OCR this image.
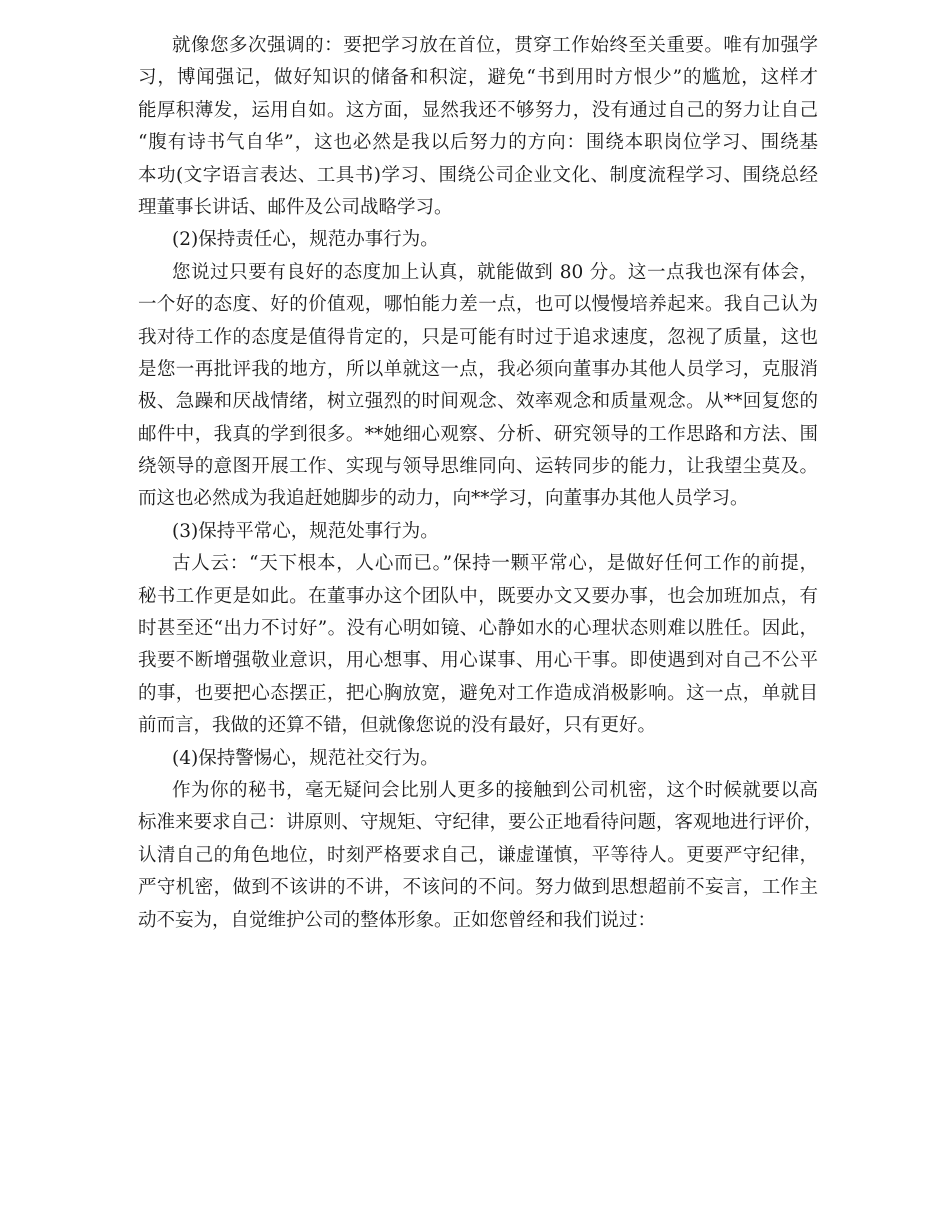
就像您多次强调的：要把学习放在首位，贯穿工作始终至关重要。唯有加强学
习，博闻强记，做好知识的储备和积淀，避免“书到用时方恨少”的尴尬，这样才
能厚积薄发，运用自如。这方面，显然我还不够努力，没有通过自己的努力让自己
“腹有诗书气自华”，这也必然是我以后努力的方向：围绕本职岗位学习、围绕基
本功(文字语言表达、工具书)学习、围绕公司企业文化、制度流程学习、围绕总经
理董事长讲话、邮件及公司战略学习。
(2)保持责任心，规范办事行为。
您说过只要有良好的态度加上认真，就能做到 80 分。这一点我也深有体会，
一个好的态度、好的价值观，哪怕能力差一点，也可以慢慢培养起来。我自己认为
我对待工作的态度是值得肯定的，只是可能有时过于追求速度，忽视了质量，这也
是您一再批评我的地方，所以单就这一点，我必须向董事办其他人员学习，克服消
极、急躁和厌战情绪，树立强烈的时间观念、效率观念和质量观念。从**回复您的
邮件中，我真的学到很多。**她细心观察、分析、研究领导的工作思路和方法、围
绕领导的意图开展工作、实现与领导思维同向、运转同步的能力，让我望尘莫及。
而这也必然成为我追赶她脚步的动力，向**学习，向董事办其他人员学习。
(3)保持平常心，规范处事行为。
古人云：“天下根本，人心而已。”保持一颗平常心，是做好任何工作的前提，
秘书工作更是如此。在董事办这个团队中，既要办文又要办事，也会加班加点，有
时甚至还“出力不讨好”。没有心明如镜、心静如水的心理状态则难以胜任。因此，
我要不断增强敬业意识，用心想事、用心谋事、用心干事。即使遇到对自己不公平
的事，也要把心态摆正，把心胸放宽，避免对工作造成消极影响。这一点，单就目
前而言，我做的还算不错，但就像您说的没有最好，只有更好。
(4)保持警惕心，规范社交行为。
作为你的秘书，毫无疑问会比别人更多的接触到公司机密，这个时候就要以高
标准来要求自己：讲原则、守规矩、守纪律，要公正地看待问题，客观地进行评价，
认清自己的角色地位，时刻严格要求自己，谦虚谨慎，平等待人。更要严守纪律，
严守机密，做到不该讲的不讲，不该问的不问。努力做到思想超前不妄言，工作主
动不妄为，自觉维护公司的整体形象。正如您曾经和我们说过：
